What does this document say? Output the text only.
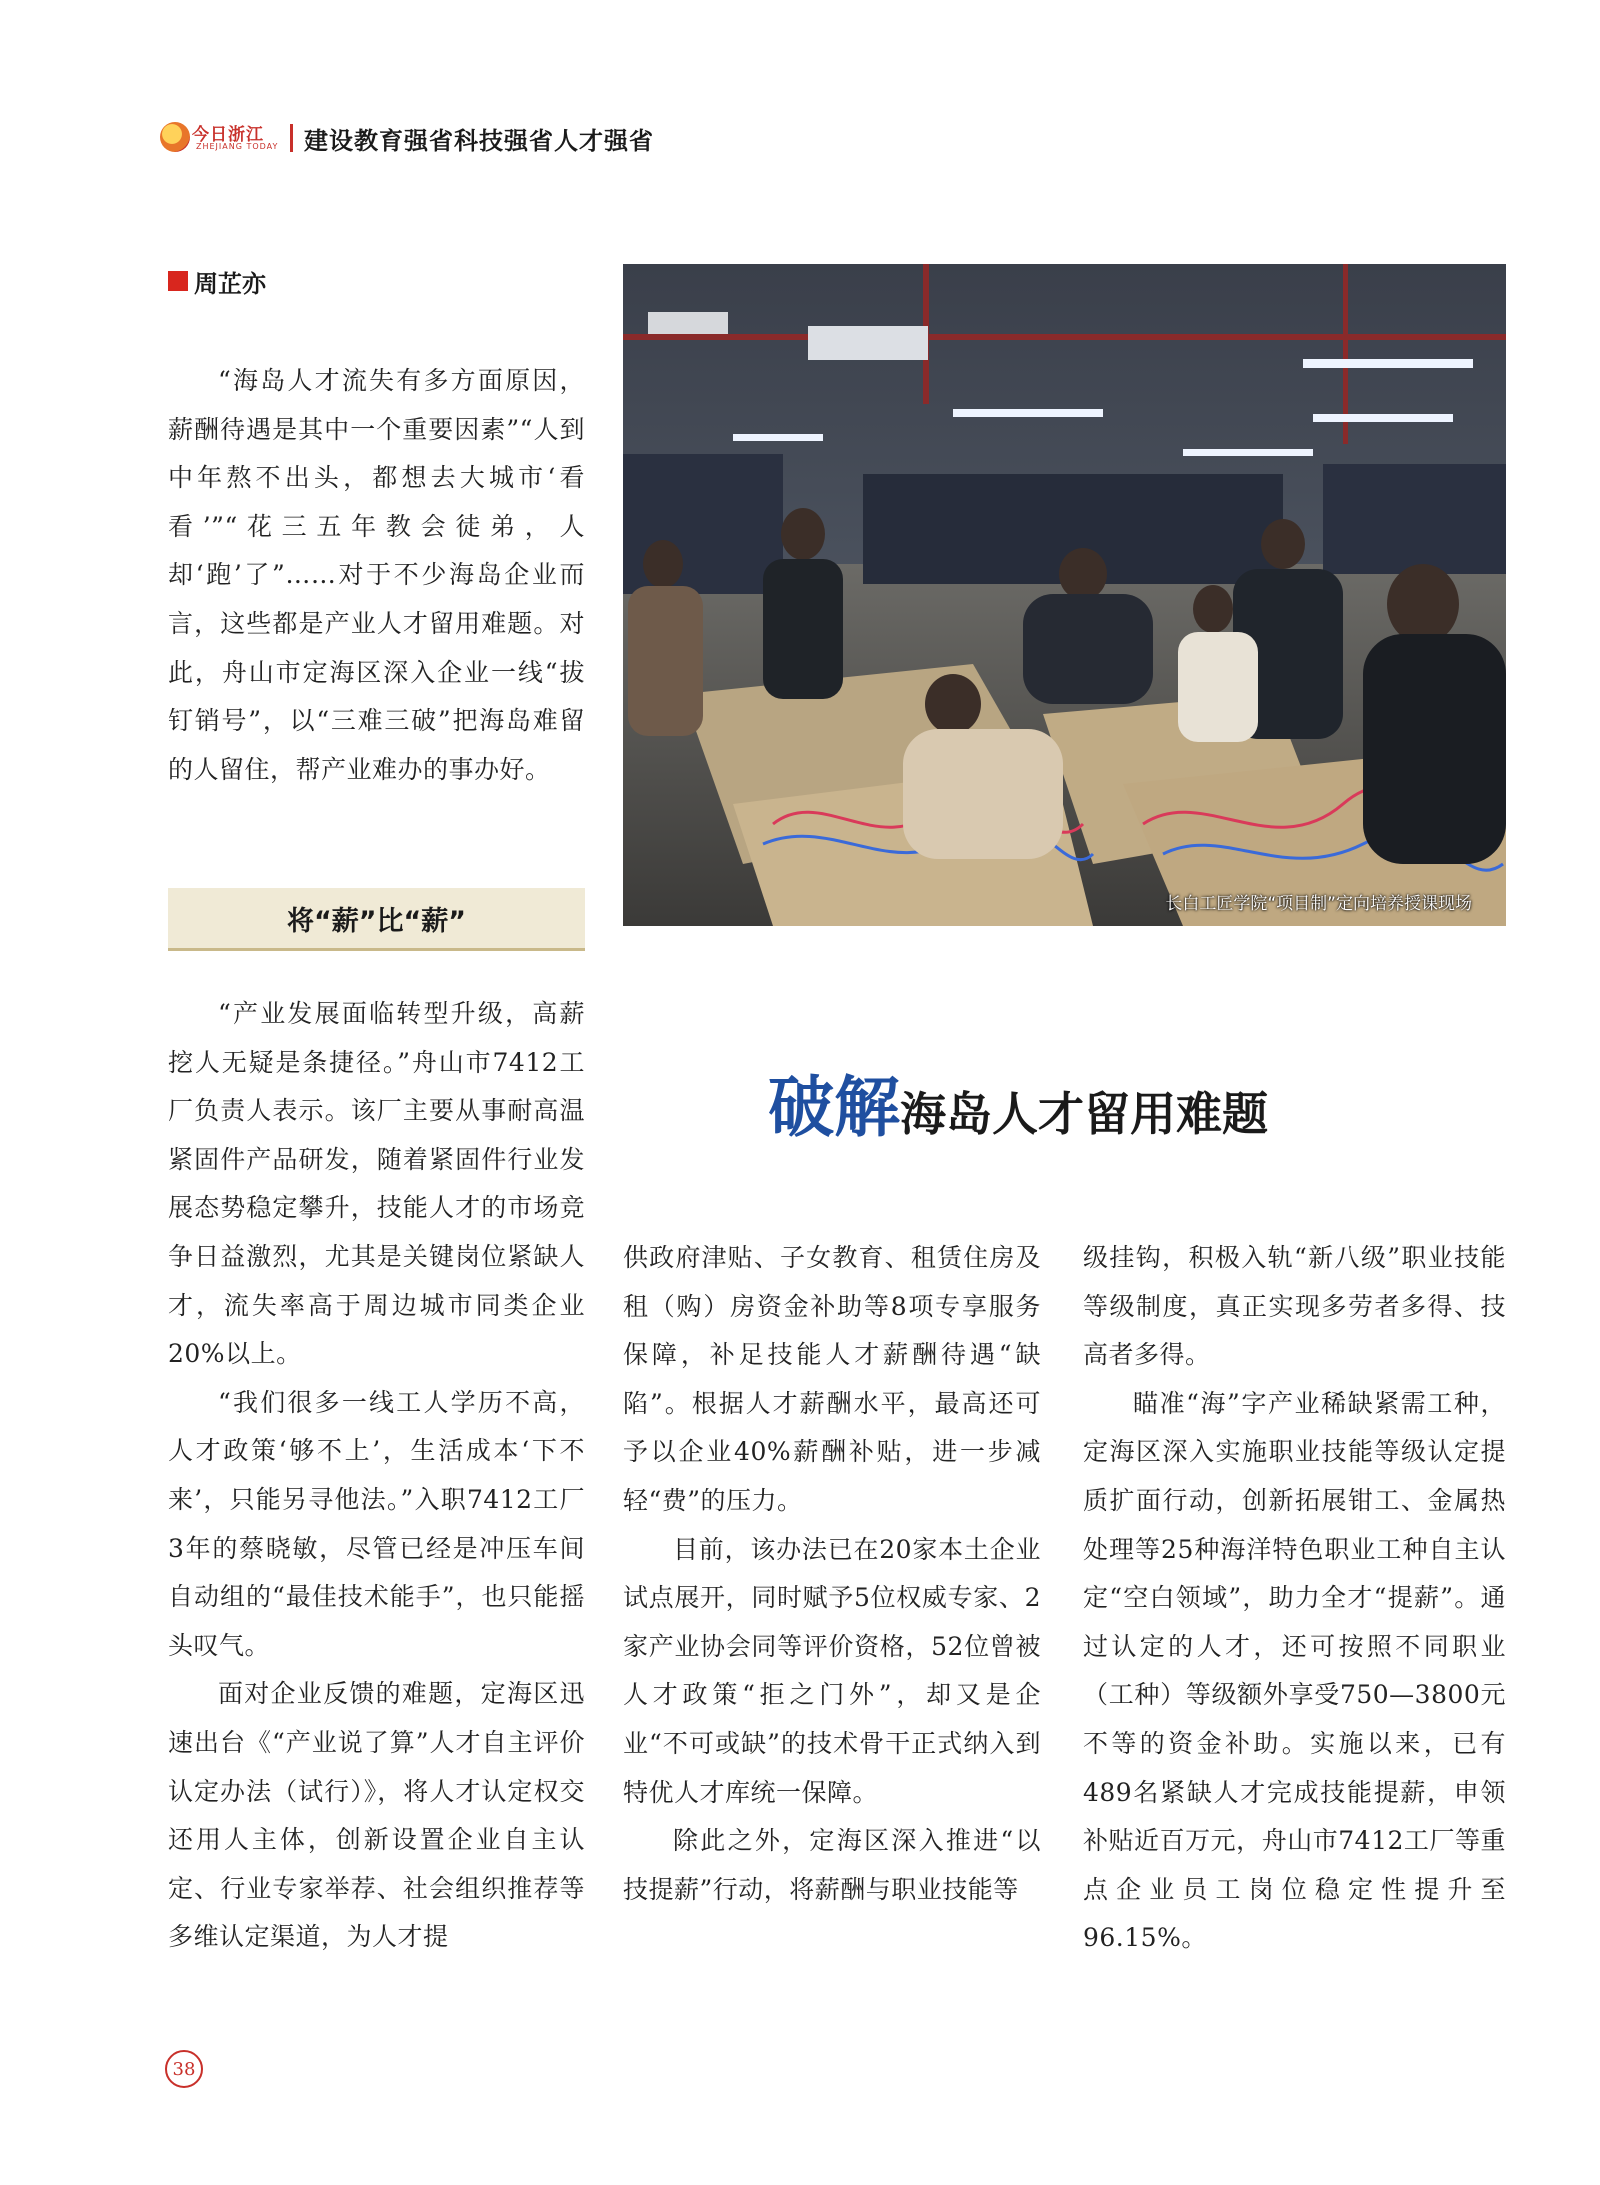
今日浙江
ZHEJIANG TODAY 建设教育强省科技强省人才强省
周芷亦
“海岛人才流失有多方面原因，薪酬待遇是其中一个重要因素”“人到中年熬不出头，都想去大城市‘看看’”“花三五年教会徒弟，人却‘跑’了”……对于不少海岛企业而言，这些都是产业人才留用难题。对此，舟山市定海区深入企业一线“拔钉销号”，以“三难三破”把海岛难留的人留住，帮产业难办的事办好。
将“薪”比“薪”
“产业发展面临转型升级，高薪挖人无疑是条捷径。”舟山市7412工厂负责人表示。该厂主要从事耐高温紧固件产品研发，随着紧固件行业发展态势稳定攀升，技能人才的市场竞争日益激烈，尤其是关键岗位紧缺人才，流失率高于周边城市同类企业20%以上。
“我们很多一线工人学历不高，人才政策‘够不上’，生活成本‘下不来’，只能另寻他法。”入职7412工厂3年的蔡晓敏，尽管已经是冲压车间自动组的“最佳技术能手”，也只能摇头叹气。
面对企业反馈的难题，定海区迅速出台《“产业说了算”人才自主评价认定办法（试行）》，将人才认定权交还用人主体，创新设置企业自主认定、行业专家举荐、社会组织推荐等多维认定渠道，为人才提
长白工匠学院“项目制”定向培养授课现场
破解海岛人才留用难题
供政府津贴、子女教育、租赁住房及租（购）房资金补助等8项专享服务保障，补足技能人才薪酬待遇“缺陷”。根据人才薪酬水平，最高还可予以企业40%薪酬补贴，进一步减轻“费”的压力。
目前，该办法已在20家本土企业试点展开，同时赋予5位权威专家、2家产业协会同等评价资格，52位曾被人才政策“拒之门外”，却又是企业“不可或缺”的技术骨干正式纳入到特优人才库统一保障。
除此之外，定海区深入推进“以技提薪”行动，将薪酬与职业技能等
级挂钩，积极入轨“新八级”职业技能等级制度，真正实现多劳者多得、技高者多得。
瞄准“海”字产业稀缺紧需工种，定海区深入实施职业技能等级认定提质扩面行动，创新拓展钳工、金属热处理等25种海洋特色职业工种自主认定“空白领域”，助力全才“提薪”。通过认定的人才，还可按照不同职业（工种）等级额外享受750—3800元不等的资金补助。实施以来，已有489名紧缺人才完成技能提薪，申领补贴近百万元，舟山市7412工厂等重点企业员工岗位稳定性提升至96.15%。
38
